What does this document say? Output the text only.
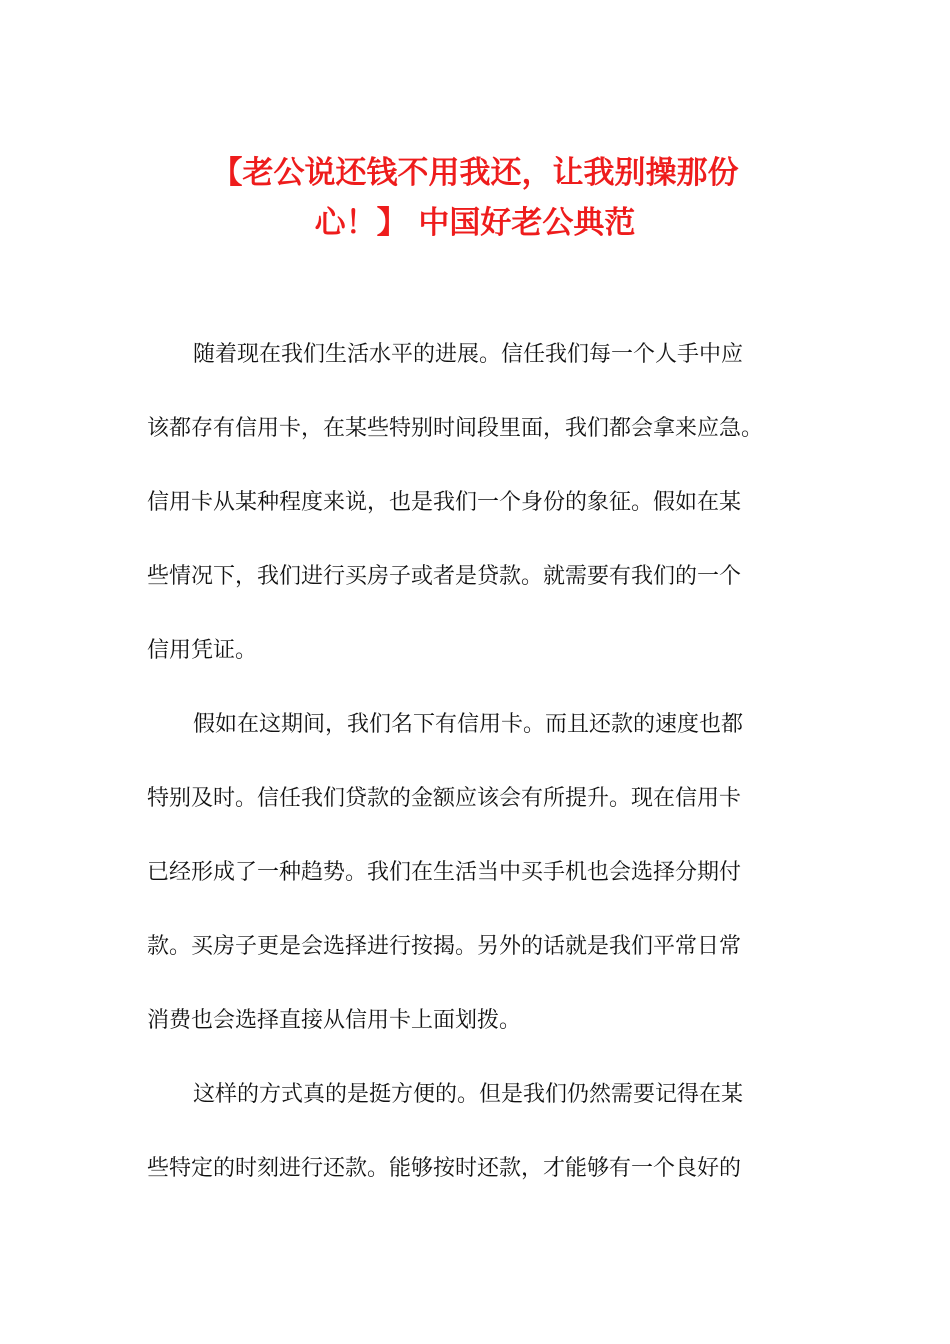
【老公说还钱不用我还，让我别操那份
心！】 中国好老公典范
随着现在我们生活水平的进展。信任我们每一个人手中应
该都存有信用卡，在某些特别时间段里面，我们都会拿来应急。
信用卡从某种程度来说，也是我们一个身份的象征。假如在某
些情况下，我们进行买房子或者是贷款。就需要有我们的一个
信用凭证。
假如在这期间，我们名下有信用卡。而且还款的速度也都
特别及时。信任我们贷款的金额应该会有所提升。现在信用卡
已经形成了一种趋势。我们在生活当中买手机也会选择分期付
款。买房子更是会选择进行按揭。另外的话就是我们平常日常
消费也会选择直接从信用卡上面划拨。
这样的方式真的是挺方便的。但是我们仍然需要记得在某
些特定的时刻进行还款。能够按时还款，才能够有一个良好的
